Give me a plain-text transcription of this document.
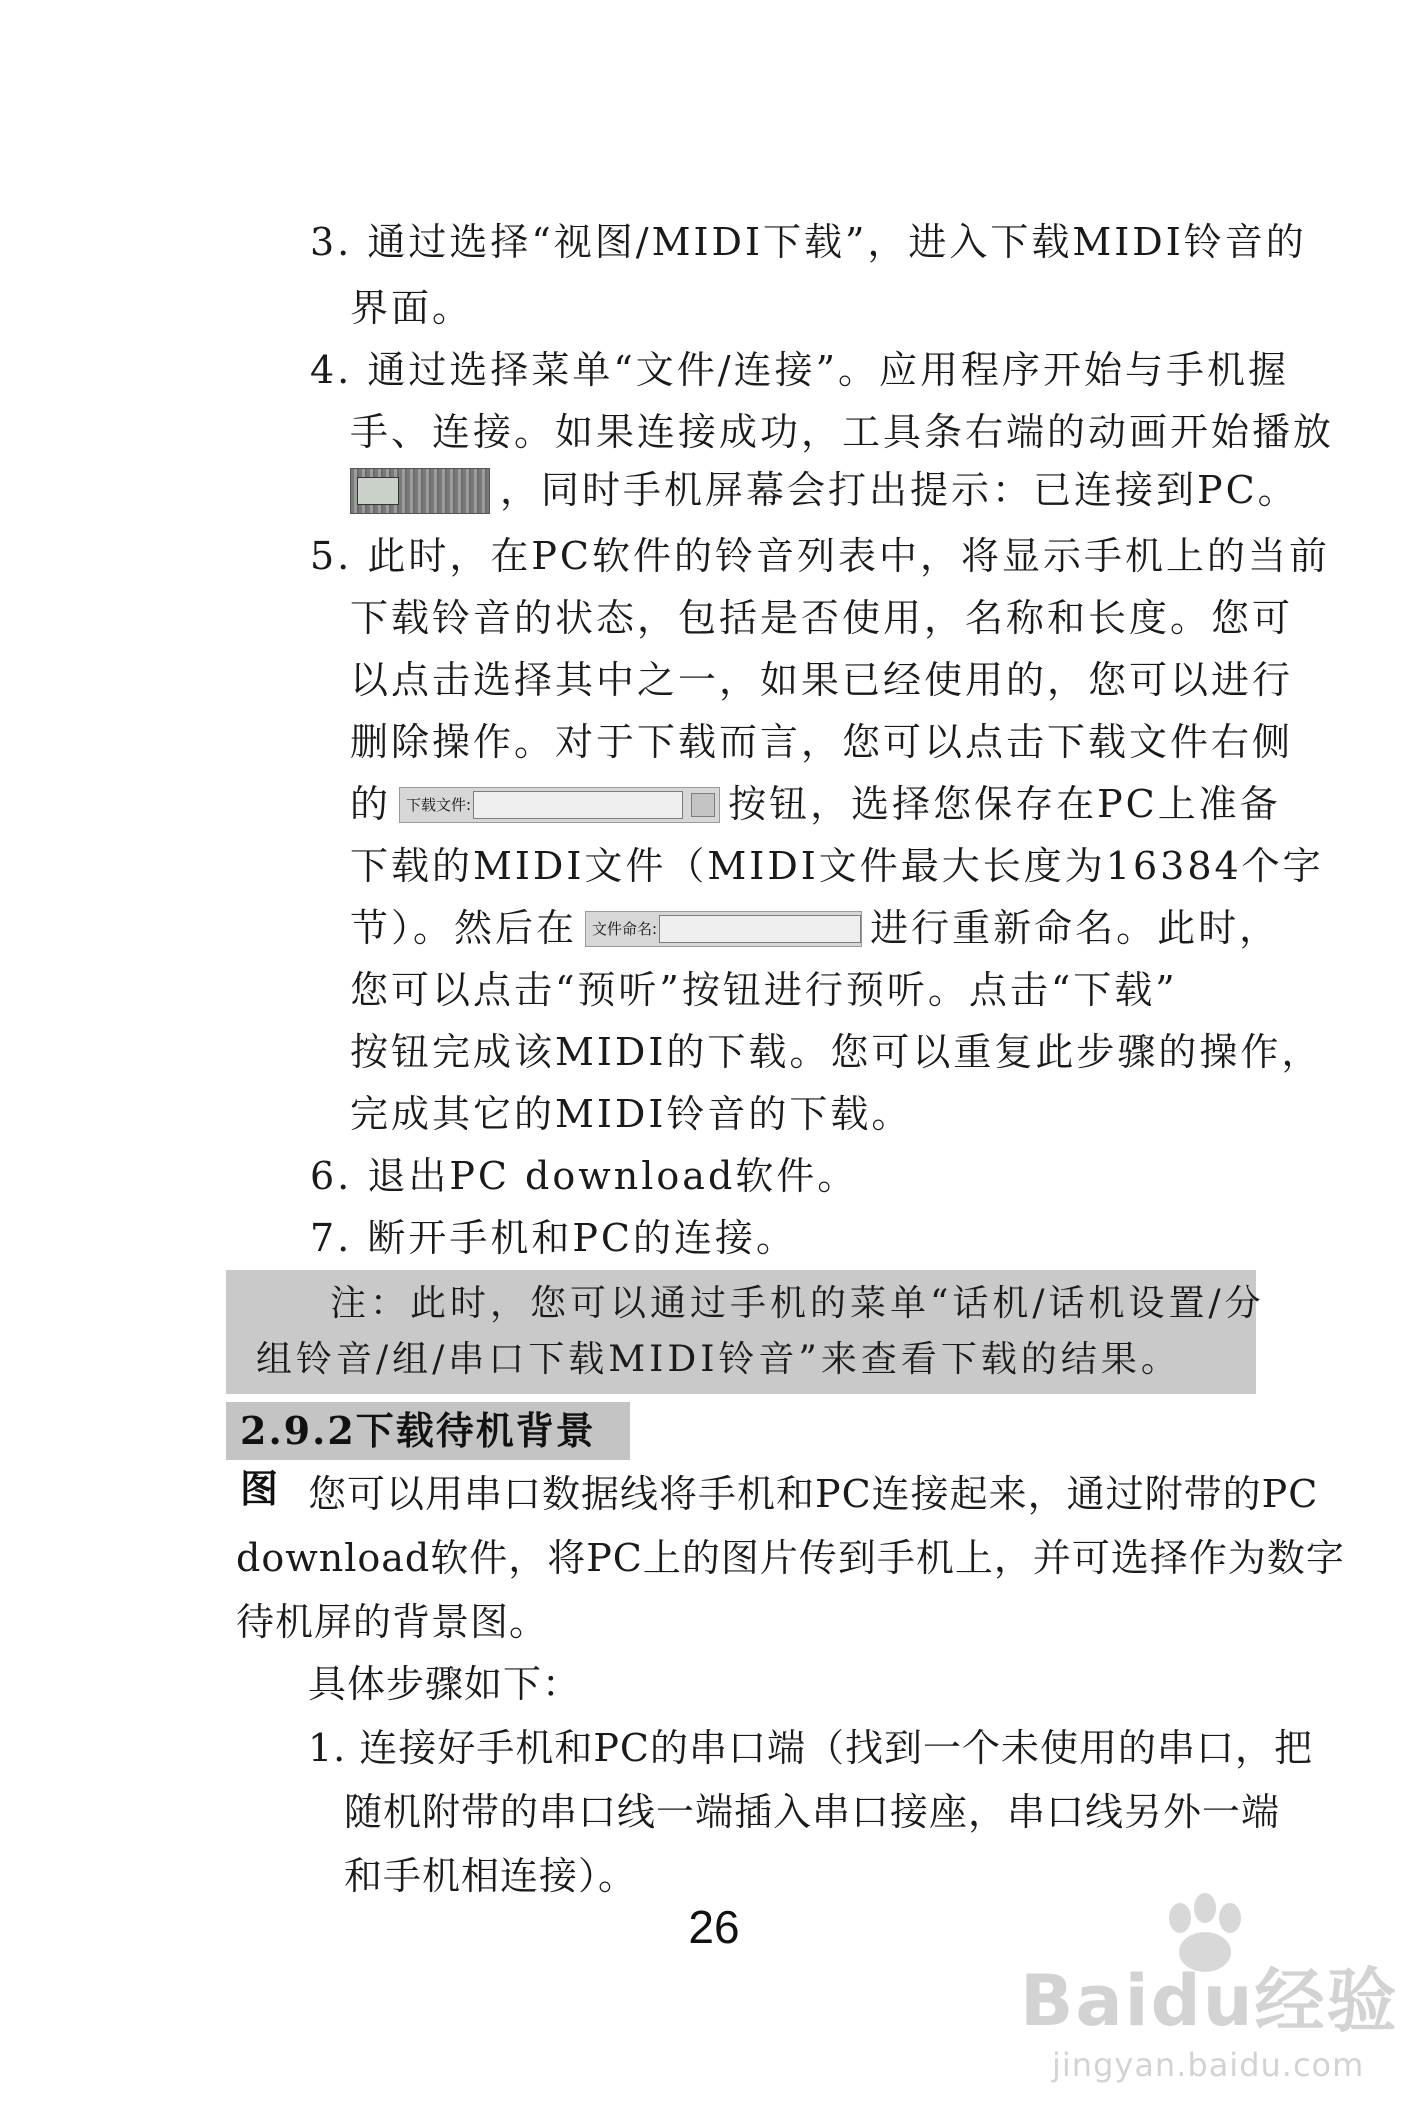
3. 通过选择“视图/MIDI下载”，进入下载MIDI铃音的
界面。
4. 通过选择菜单“文件/连接”。应用程序开始与手机握
手、连接。如果连接成功，工具条右端的动画开始播放
，同时手机屏幕会打出提示：已连接到PC。
5. 此时，在PC软件的铃音列表中，将显示手机上的当前
下载铃音的状态，包括是否使用，名称和长度。您可
以点击选择其中之一，如果已经使用的，您可以进行
删除操作。对于下载而言，您可以点击下载文件右侧
的 下载文件:	按钮，选择您保存在PC上准备
下载的MIDI文件（MIDI文件最大长度为16384个字
节）。然后在 文件命名:	进行重新命名。此时，
您可以点击“预听”按钮进行预听。点击“下载”
按钮完成该MIDI的下载。您可以重复此步骤的操作，
完成其它的MIDI铃音的下载。
6. 退出PC download软件。
7. 断开手机和PC的连接。
注：此时，您可以通过手机的菜单“话机/话机设置/分
组铃音/组/串口下载MIDI铃音”来查看下载的结果。
2.9.2下载待机背景图 您可以用串口数据线将手机和PC连接起来，通过附带的PC
download软件，将PC上的图片传到手机上，并可选择作为数字
待机屏的背景图。
具体步骤如下：
1. 连接好手机和PC的串口端（找到一个未使用的串口，把
随机附带的串口线一端插入串口接座，串口线另外一端
和手机相连接）。
26
Baidu经验
jingyan.baidu.com
